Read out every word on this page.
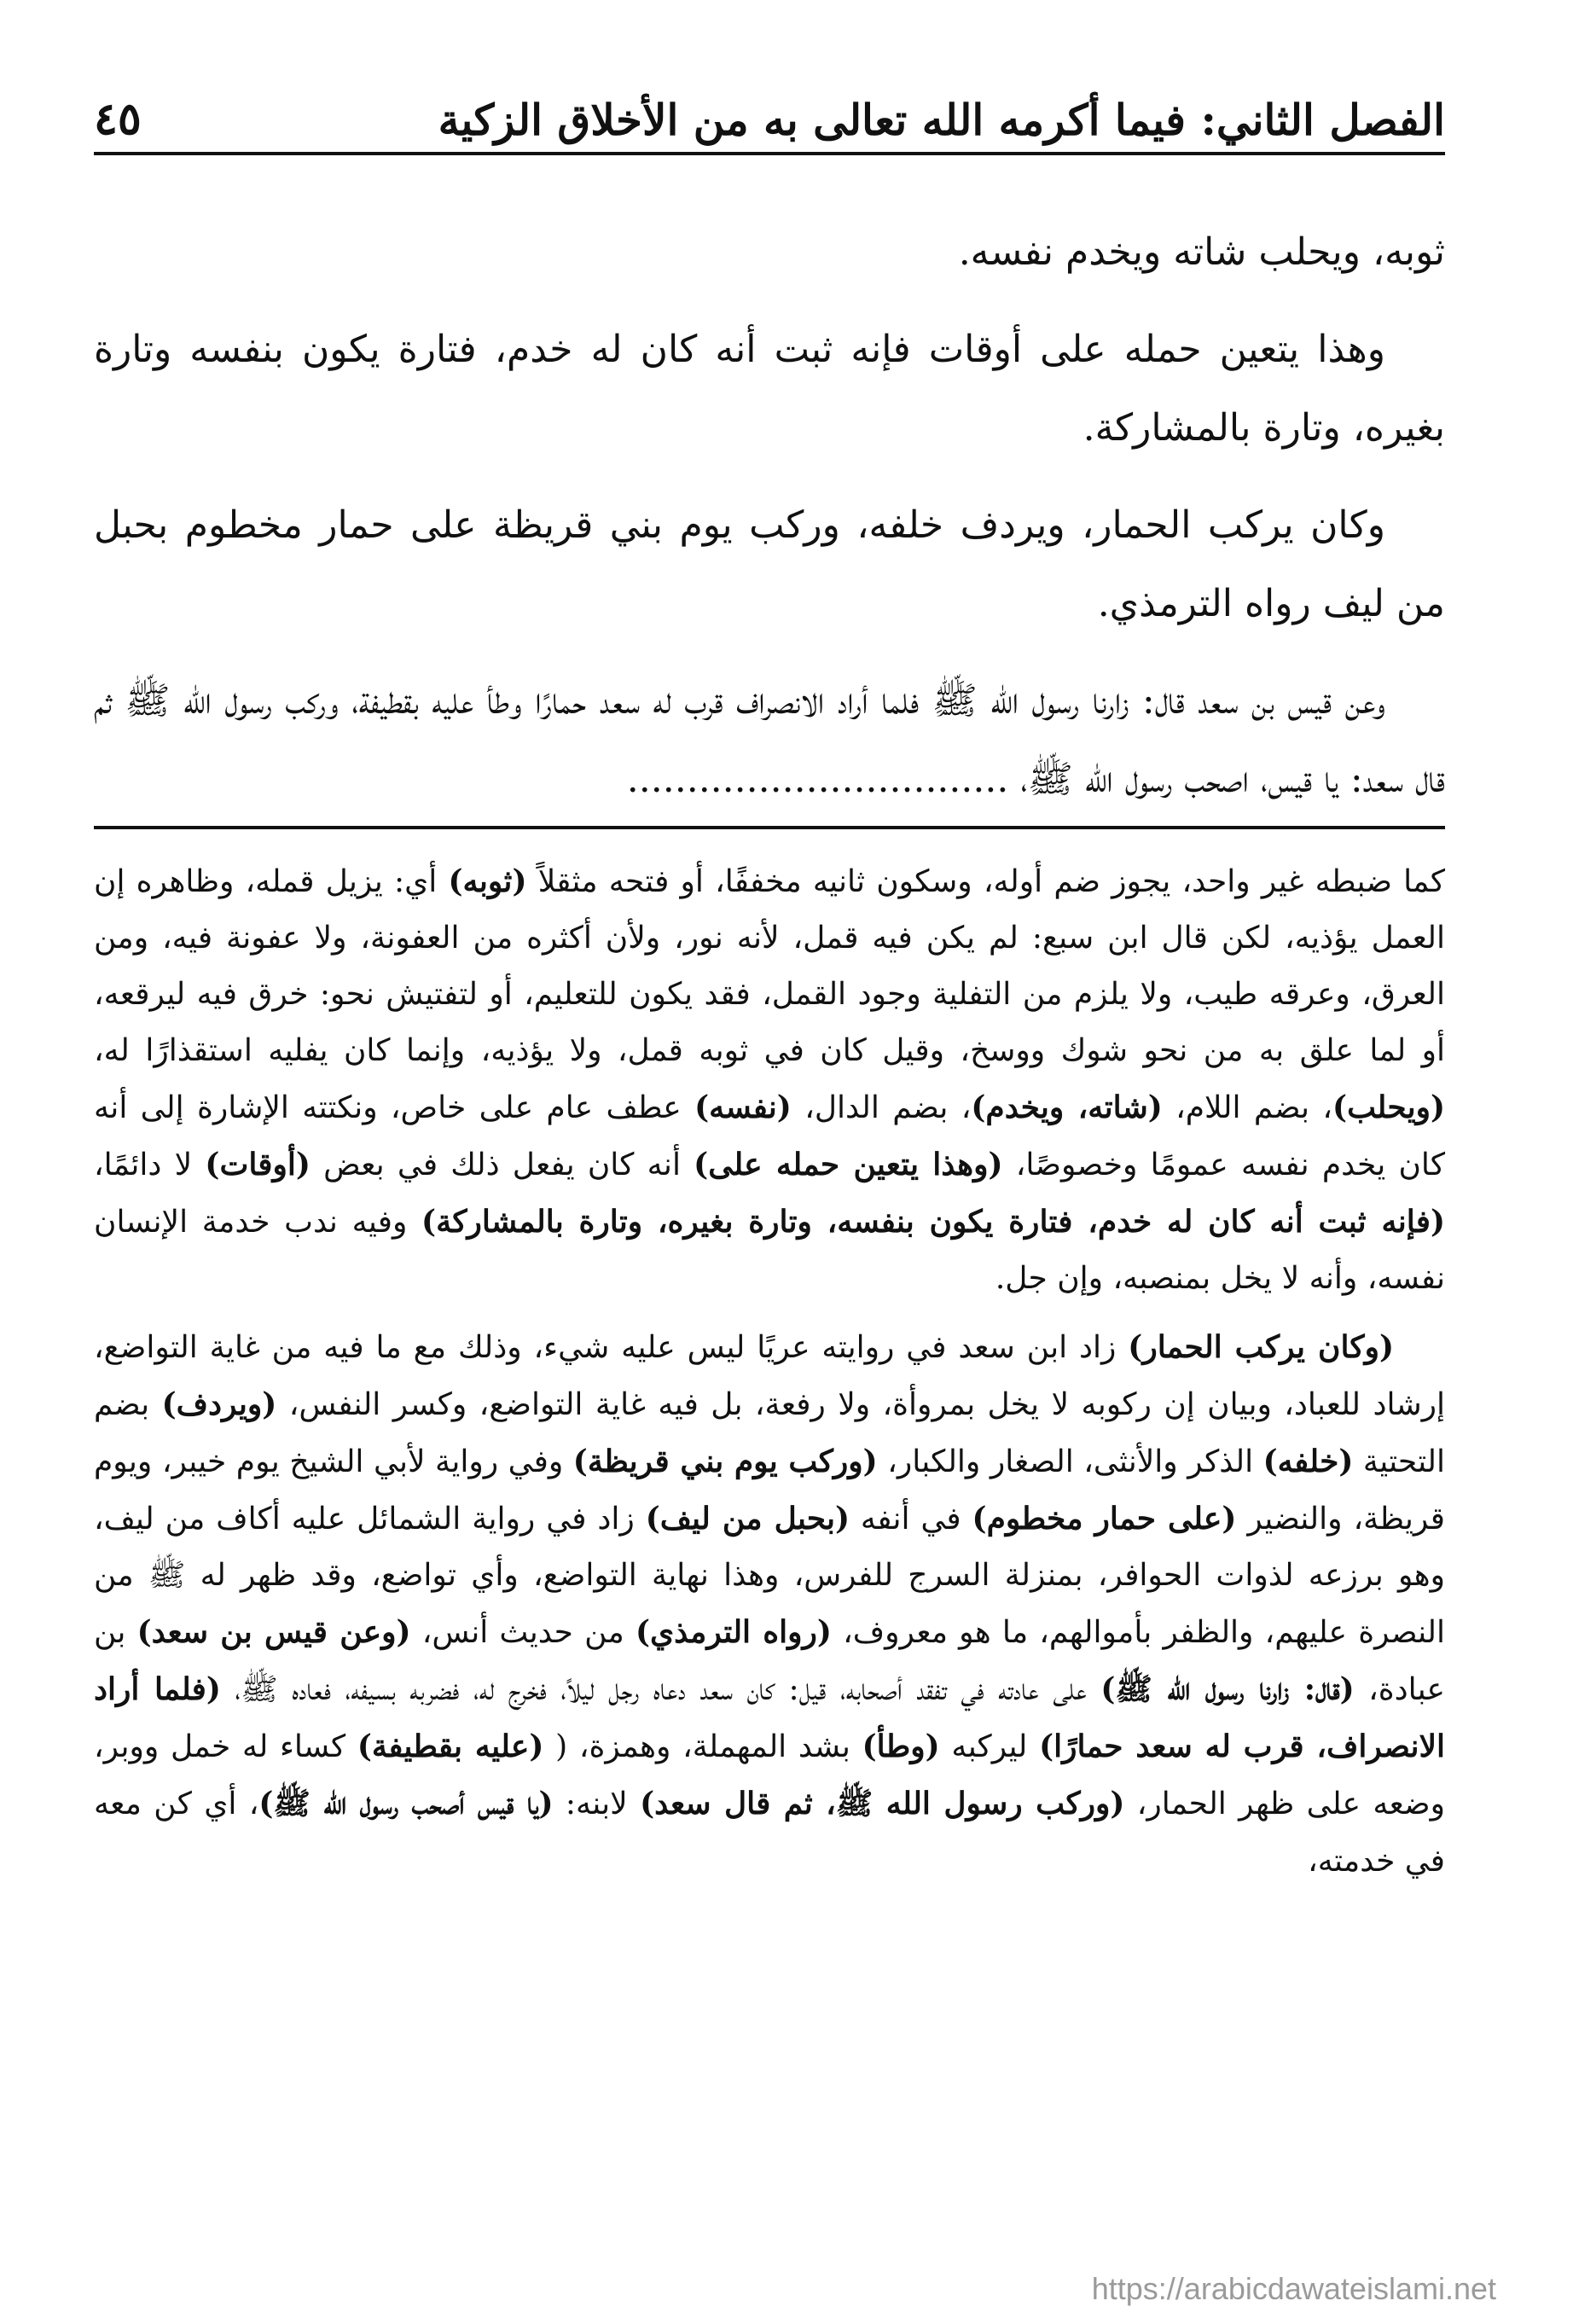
الفصل الثاني: فيما أكرمه الله تعالى به من الأخلاق الزكية
٤٥

ثوبه، ويحلب شاته ويخدم نفسه.

وهذا يتعين حمله على أوقات فإنه ثبت أنه كان له خدم، فتارة يكون بنفسه وتارة بغيره، وتارة بالمشاركة.

وكان يركب الحمار، ويردف خلفه، وركب يوم بني قريظة على حمار مخطوم بحبل من ليف رواه الترمذي.

وعن قيس بن سعد قال: زارنا رسول الله ﷺ فلما أراد الانصراف قرب له سعد حمارًا وطأ عليه بقطيفة، وركب رسول الله ﷺ ثم قال سعد: يا قيس، اصحب رسول الله ﷺ، ................................

كما ضبطه غير واحد، يجوز ضم أوله، وسكون ثانيه مخففًا، أو فتحه مثقلاً (ثوبه) أي: يزيل قمله، وظاهره إن العمل يؤذيه، لكن قال ابن سبع: لم يكن فيه قمل، لأنه نور، ولأن أكثره من العفونة، ولا عفونة فيه، ومن العرق، وعرقه طيب، ولا يلزم من التفلية وجود القمل، فقد يكون للتعليم، أو لتفتيش نحو: خرق فيه ليرقعه، أو لما علق به من نحو شوك ووسخ، وقيل كان في ثوبه قمل، ولا يؤذيه، وإنما كان يفليه استقذارًا له، (ويحلب)، بضم اللام، (شاته، ويخدم)، بضم الدال، (نفسه) عطف عام على خاص، ونكتته الإشارة إلى أنه كان يخدم نفسه عمومًا وخصوصًا، (وهذا يتعين حمله على) أنه كان يفعل ذلك في بعض (أوقات) لا دائمًا، (فإنه ثبت أنه كان له خدم، فتارة يكون بنفسه، وتارة بغيره، وتارة بالمشاركة) وفيه ندب خدمة الإنسان نفسه، وأنه لا يخل بمنصبه، وإن جل.

(وكان يركب الحمار) زاد ابن سعد في روايته عريًا ليس عليه شيء، وذلك مع ما فيه من غاية التواضع، إرشاد للعباد، وبيان إن ركوبه لا يخل بمروأة، ولا رفعة، بل فيه غاية التواضع، وكسر النفس، (ويردف) بضم التحتية (خلفه) الذكر والأنثى، الصغار والكبار، (وركب يوم بني قريظة) وفي رواية لأبي الشيخ يوم خيبر، ويوم قريظة، والنضير (على حمار مخطوم) في أنفه (بحبل من ليف) زاد في رواية الشمائل عليه أكاف من ليف، وهو برزعه لذوات الحوافر، بمنزلة السرج للفرس، وهذا نهاية التواضع، وأي تواضع، وقد ظهر له ﷺ من النصرة عليهم، والظفر بأموالهم، ما هو معروف، (رواه الترمذي) من حديث أنس، (وعن قيس بن سعد) بن عبادة، (قال: زارنا رسول الله ﷺ) على عادته في تفقد أصحابه، قيل: كان سعد دعاه رجل ليلاً، فخرج له، فضربه بسيفه، فعاده ﷺ، (فلما أراد الانصراف، قرب له سعد حمارًا) ليركبه (وطأ) بشد المهملة، وهمزة، ( (عليه بقطيفة) كساء له خمل ووبر، وضعه على ظهر الحمار، (وركب رسول الله ﷺ، ثم قال سعد) لابنه: (يا قيس أصحب رسول الله ﷺ)، أي كن معه في خدمته،

https://arabicdawateislami.net
